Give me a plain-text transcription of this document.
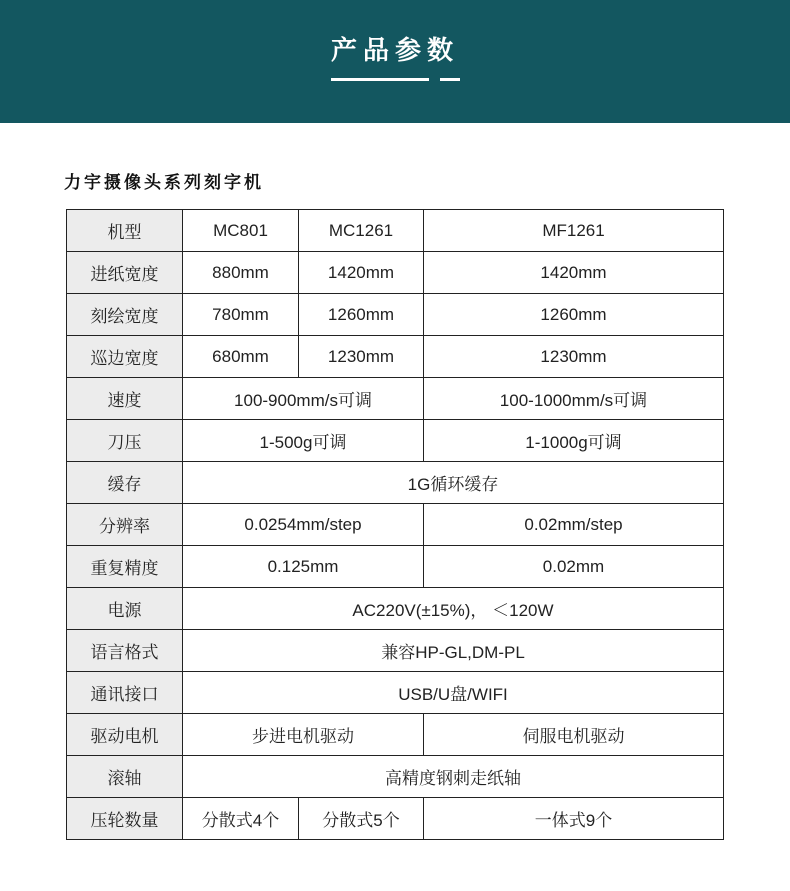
产品参数
力宇摄像头系列刻字机
机型	MC801	MC1261	MF1261
进纸宽度	880mm	1420mm	1420mm
刻绘宽度	780mm	1260mm	1260mm
巡边宽度	680mm	1230mm	1230mm
速度	100-900mm/s可调		100-1000mm/s可调
刀压	1-500g可调		1-1000g可调
缓存	1G循环缓存		
分辨率	0.0254mm/step		0.02mm/step
重复精度	0.125mm		0.02mm
电源	AC220V(±15%)， ＜120W		
语言格式	兼容HP-GL,DM-PL		
通讯接口	USB/U盘/WIFI		
驱动电机	步进电机驱动		伺服电机驱动
滚轴	高精度钢刺走纸轴		
压轮数量	分散式4个	分散式5个	一体式9个
